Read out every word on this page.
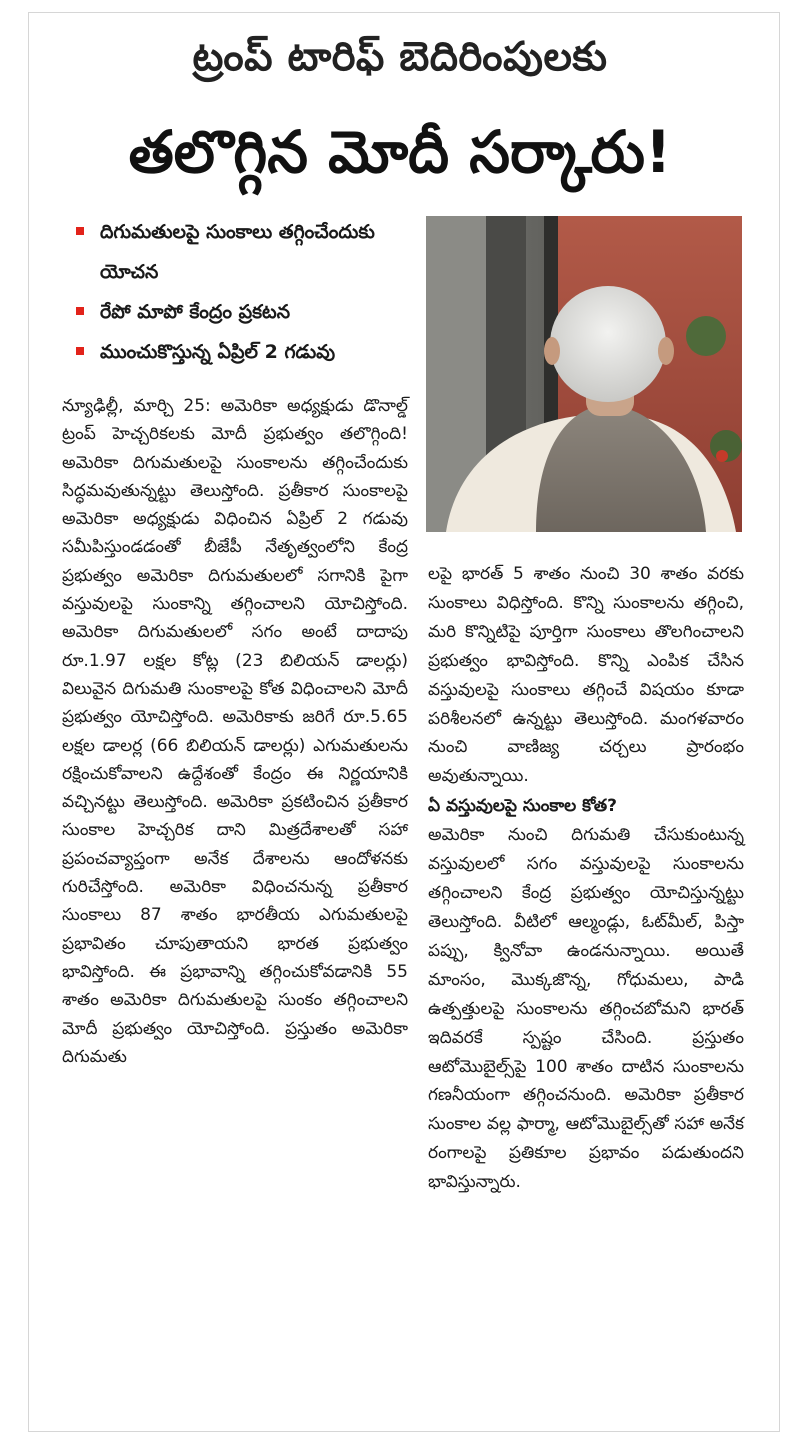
ట్రంప్ టారిఫ్ బెదిరింపులకు
తలొగ్గిన మోదీ సర్కారు!
దిగుమతులపై సుంకాలు తగ్గించేందుకు యోచన
రేపో మాపో కేంద్రం ప్రకటన
ముంచుకొస్తున్న ఏప్రిల్ 2 గడువు

న్యూఢిల్లీ, మార్చి 25: అమెరికా అధ్యక్షుడు డొనాల్డ్ ట్రంప్ హెచ్చరికలకు మోదీ ప్రభుత్వం తలొగ్గింది! అమెరికా దిగుమతులపై సుంకాలను తగ్గించేందుకు సిద్ధమవుతున్నట్టు తెలుస్తోంది. ప్రతీకార సుంకాలపై అమెరికా అధ్యక్షుడు విధించిన ఏప్రిల్ 2 గడువు సమీపిస్తుండడంతో బీజేపీ నేతృత్వంలోని కేంద్ర ప్రభుత్వం అమెరికా దిగుమతులలో సగానికి పైగా వస్తువులపై సుంకాన్ని తగ్గించాలని యోచిస్తోంది. అమెరికా దిగుమతులలో సగం అంటే దాదాపు రూ.1.97 లక్షల కోట్ల (23 బిలియన్ డాలర్లు) విలువైన దిగుమతి సుంకాలపై కోత విధించాలని మోదీ ప్రభుత్వం యోచిస్తోంది. అమెరికాకు జరిగే రూ.5.65 లక్షల డాలర్ల (66 బిలియన్ డాలర్లు) ఎగుమతులను రక్షించుకోవాలని ఉద్దేశంతో కేంద్రం ఈ నిర్ణయానికి వచ్చినట్టు తెలుస్తోంది. అమెరికా ప్రకటించిన ప్రతీకార సుంకాల హెచ్చరిక దాని మిత్రదేశాలతో సహా ప్రపంచవ్యాప్తంగా అనేక దేశాలను ఆందోళనకు గురిచేస్తోంది. అమెరికా విధించనున్న ప్రతీకార సుంకాలు 87 శాతం భారతీయ ఎగుమతులపై ప్రభావితం చూపుతాయని భారత ప్రభుత్వం భావిస్తోంది. ఈ ప్రభావాన్ని తగ్గించుకోవడానికి 55 శాతం అమెరికా దిగుమతులపై సుంకం తగ్గించాలని మోదీ ప్రభుత్వం యోచిస్తోంది. ప్రస్తుతం అమెరికా దిగుమతు

లపై భారత్ 5 శాతం నుంచి 30 శాతం వరకు సుంకాలు విధిస్తోంది. కొన్ని సుంకాలను తగ్గించి, మరి కొన్నిటిపై పూర్తిగా సుంకాలు తొలగించాలని ప్రభుత్వం భావిస్తోంది. కొన్ని ఎంపిక చేసిన వస్తువులపై సుంకాలు తగ్గించే విషయం కూడా పరిశీలనలో ఉన్నట్టు తెలుస్తోంది. మంగళవారం నుంచి వాణిజ్య చర్చలు ప్రారంభం అవుతున్నాయి.

ఏ వస్తువులపై సుంకాల కోత?

అమెరికా నుంచి దిగుమతి చేసుకుంటున్న వస్తువులలో సగం వస్తువులపై సుంకాలను తగ్గించాలని కేంద్ర ప్రభుత్వం యోచిస్తున్నట్టు తెలుస్తోంది. వీటిలో ఆల్మండ్లు, ఓట్‌మీల్, పిస్తా పప్పు, క్వినోవా ఉండనున్నాయి. అయితే మాంసం, మొక్కజొన్న, గోధుమలు, పాడి ఉత్పత్తులపై సుంకాలను తగ్గించబోమని భారత్ ఇదివరకే స్పష్టం చేసింది. ప్రస్తుతం ఆటోమొబైల్స్‌పై 100 శాతం దాటిన సుంకాలను గణనీయంగా తగ్గించనుంది. అమెరికా ప్రతీకార సుంకాల వల్ల ఫార్మా, ఆటోమొబైల్స్‌తో సహా అనేక రంగాలపై ప్రతికూల ప్రభావం పడుతుందని భావిస్తున్నారు.
